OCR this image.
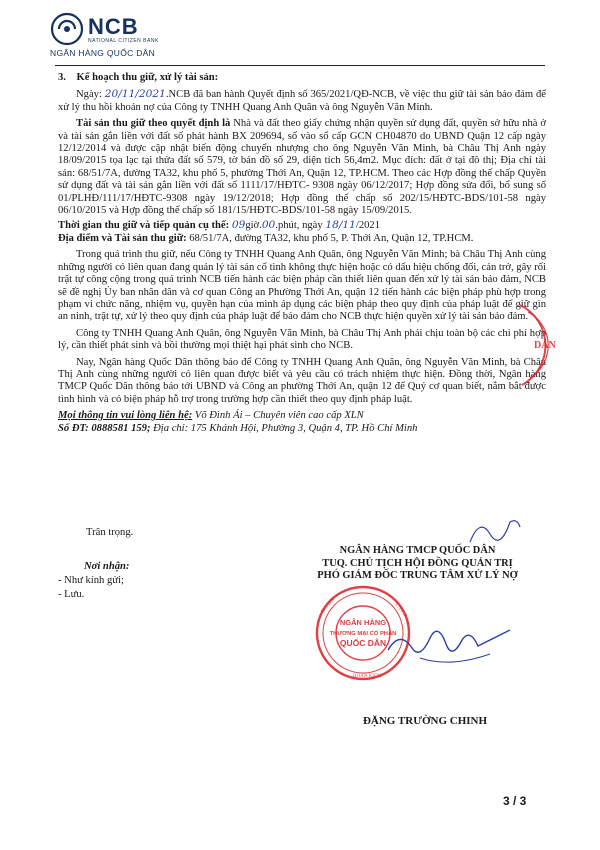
NCB
NATIONAL CITIZEN BANK
NGÂN HÀNG QUỐC DÂN

3. Kế hoạch thu giữ, xử lý tài sản:

Ngày: 20/11/2021.NCB đã ban hành Quyết định số 365/2021/QĐ-NCB, về việc thu giữ tài sản bảo đảm để xử lý thu hồi khoản nợ của Công ty TNHH Quang Anh Quân và ông Nguyễn Văn Minh.

Tài sản thu giữ theo quyết định là Nhà và đất theo giấy chứng nhận quyền sử dụng đất, quyền sở hữu nhà ở và tài sản gắn liền với đất số phát hành BX 209694, số vào sổ cấp GCN CH04870 do UBND Quận 12 cấp ngày 12/12/2014 và được cập nhật biến động chuyển nhượng cho ông Nguyễn Văn Minh, bà Châu Thị Anh ngày 18/09/2015 tọa lạc tại thửa đất số 579, tờ bản đồ số 29, diện tích 56,4m2. Mục đích: đất ở tại đô thị; Địa chỉ tài sản: 68/51/7A, đường TA32, khu phố 5, phường Thới An, Quận 12, TP.HCM. Theo các Hợp đồng thế chấp Quyền sử dụng đất và tài sản gắn liền với đất số 1111/17/HĐTC- 9308 ngày 06/12/2017; Hợp đồng sửa đổi, bổ sung số 01/PLHĐ/111/17/HĐTC-9308 ngày 19/12/2018; Hợp đồng thế chấp số 202/15/HĐTC-BDS/101-58 ngày 06/10/2015 và Hợp đồng thế chấp số 181/15/HĐTC-BDS/101-58 ngày 15/09/2015.

Thời gian thu giữ và tiếp quản cụ thể: 09giờ.00.phút, ngày 18/11/2021

Địa điểm và Tài sản thu giữ: 68/51/7A, đường TA32, khu phố 5, P. Thới An, Quận 12, TP.HCM.

Trong quá trình thu giữ, nếu Công ty TNHH Quang Anh Quân, ông Nguyễn Văn Minh; bà Châu Thị Anh cùng những người có liên quan đang quản lý tài sản cố tình không thực hiện hoặc có dấu hiệu chống đối, cản trở, gây rối trật tự công cộng trong quá trình NCB tiến hành các biện pháp cần thiết liên quan đến xử lý tài sản bảo đảm, NCB sẽ đề nghị Ủy ban nhân dân và cơ quan Công an Phường Thới An, quận 12 tiến hành các biện pháp phù hợp trong phạm vi chức năng, nhiệm vụ, quyền hạn của mình áp dụng các biện pháp theo quy định của pháp luật để giữ gìn an ninh, trật tự, xử lý theo quy định của pháp luật để bảo đảm cho NCB thực hiện quyền xử lý tài sản bảo đảm.

Công ty TNHH Quang Anh Quân, ông Nguyễn Văn Minh, bà Châu Thị Anh phải chịu toàn bộ các chi phí hợp lý, cần thiết phát sinh và bồi thường mọi thiệt hại phát sinh cho NCB.

Nay, Ngân hàng Quốc Dân thông báo để Công ty TNHH Quang Anh Quân, ông Nguyễn Văn Minh, bà Châu Thị Anh cùng những người có liên quan được biết và yêu cầu có trách nhiệm thực hiện. Đồng thời, Ngân hàng TMCP Quốc Dân thông báo tới UBND và Công an phường Thới An, quận 12 để Quý cơ quan biết, nắm bắt được tình hình và có biện pháp hỗ trợ trong trường hợp cần thiết theo quy định pháp luật.

Mọi thông tin vui lòng liên hệ: Võ Đình Ái – Chuyên viên cao cấp XLN

Số ĐT: 0888581 159; Địa chỉ: 175 Khánh Hội, Phường 3, Quận 4, TP. Hồ Chí Minh

Trân trọng.
Nơi nhận:
- Như kính gửi;
- Lưu.
NGÂN HÀNG TMCP QUỐC DÂN
TUQ. CHỦ TỊCH HỘI ĐỒNG QUẢN TRỊ
PHÓ GIÁM ĐỐC TRUNG TÂM XỬ LÝ NỢ
DÂN
NGÂN HÀNG
THƯƠNG MẠI CỔ PHẦN
QUỐC DÂN
M.S.D.N	C.T.C.P
HOÀN KIẾM
ĐẶNG TRƯỜNG CHINH
3 / 3
